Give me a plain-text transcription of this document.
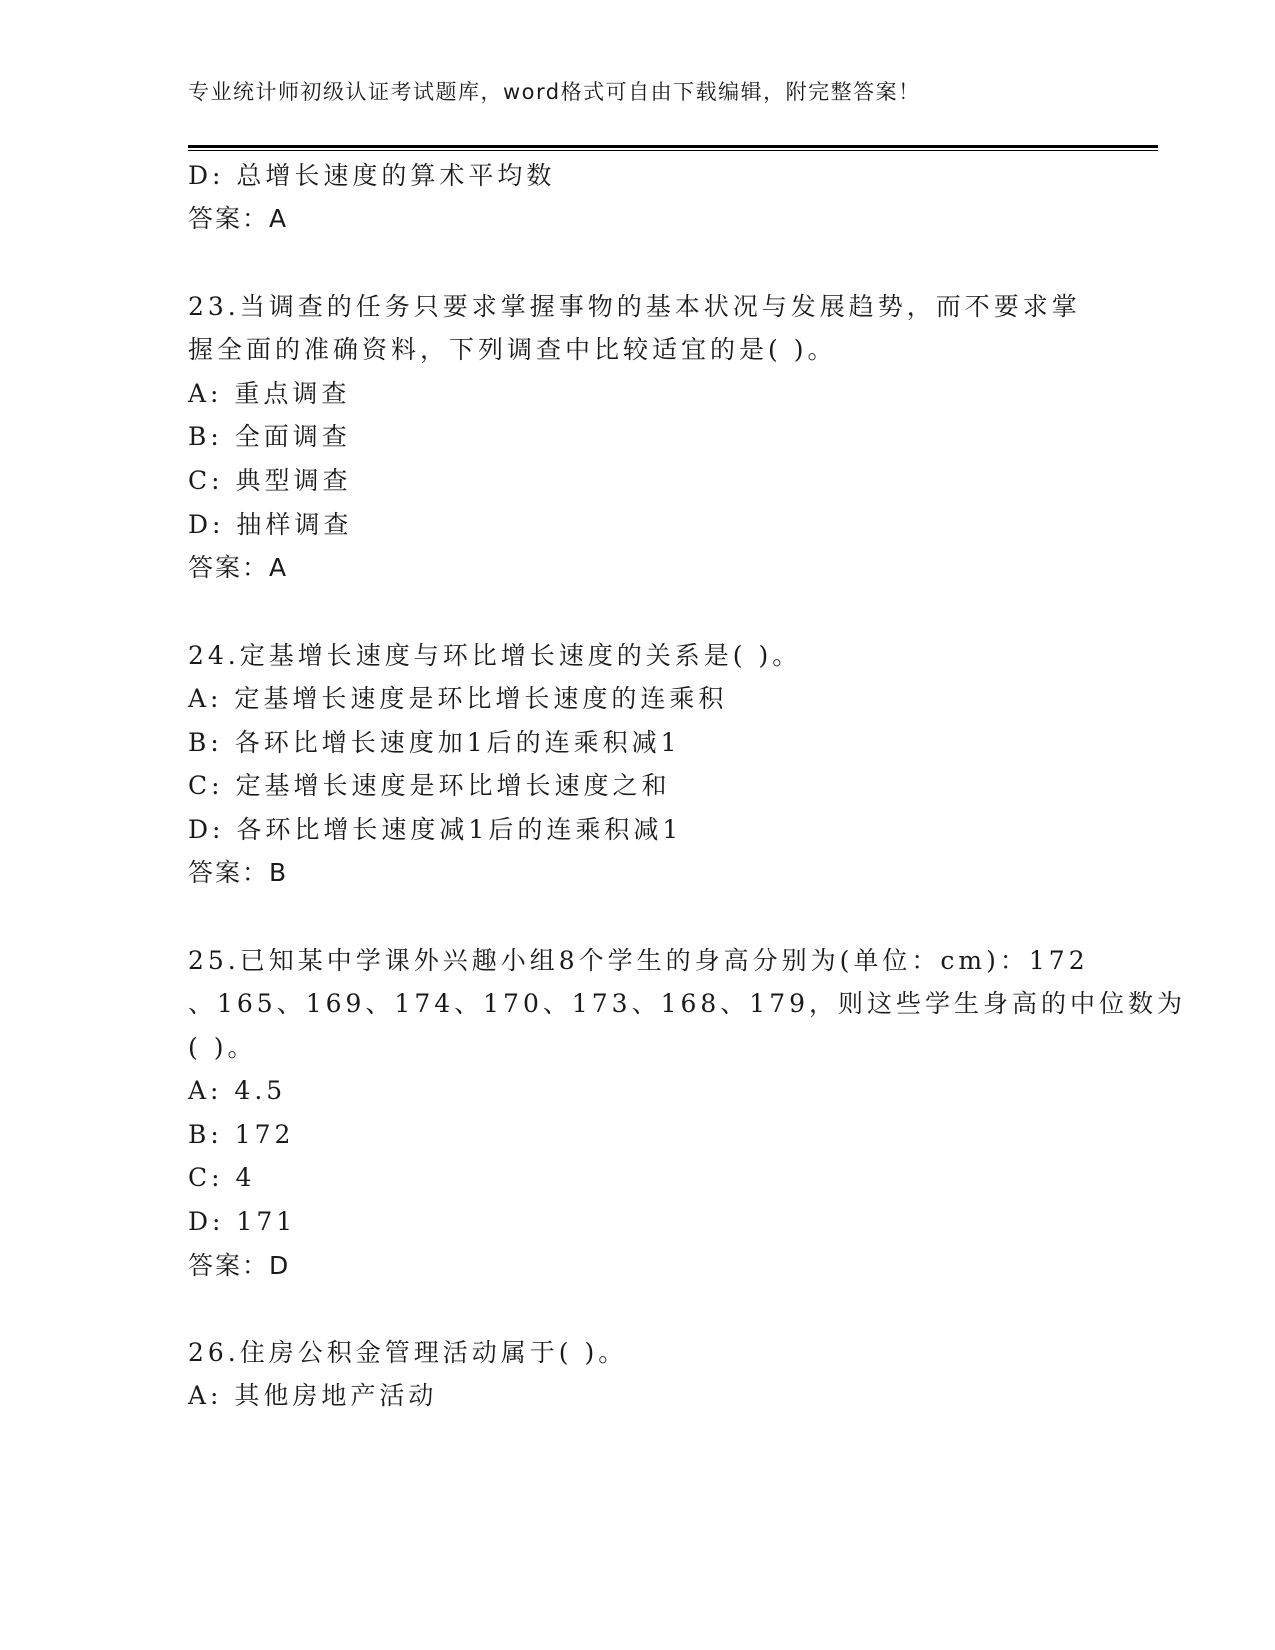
专业统计师初级认证考试题库，word格式可自由下载编辑，附完整答案！
D: 总增长速度的算术平均数
答案：A
23.当调查的任务只要求掌握事物的基本状况与发展趋势，而不要求掌
握全面的准确资料，下列调查中比较适宜的是( )。
A: 重点调查
B: 全面调查
C: 典型调查
D: 抽样调查
答案：A
24.定基增长速度与环比增长速度的关系是( )。
A: 定基增长速度是环比增长速度的连乘积
B: 各环比增长速度加1后的连乘积减1
C: 定基增长速度是环比增长速度之和
D: 各环比增长速度减1后的连乘积减1
答案：B
25.已知某中学课外兴趣小组8个学生的身高分别为(单位：cm)：172
、165、169、174、170、173、168、179，则这些学生身高的中位数为
( )。
A: 4.5
B: 172
C: 4
D: 171
答案：D
26.住房公积金管理活动属于( )。
A: 其他房地产活动
